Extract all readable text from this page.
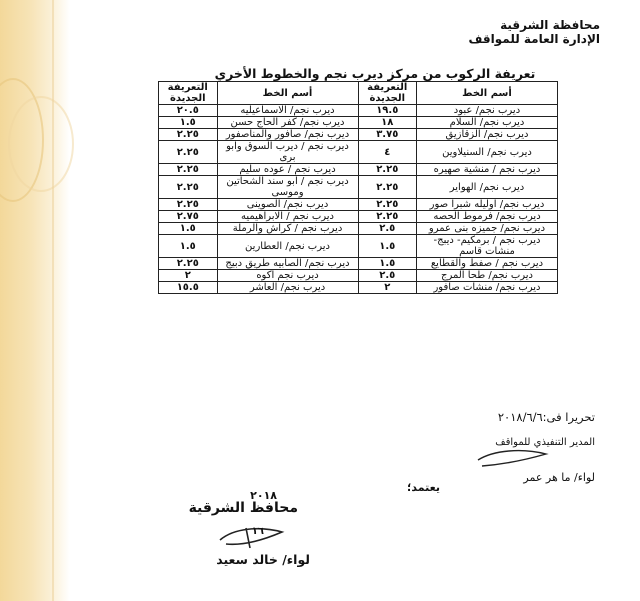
محافظة الشرقية
الإدارة العامة للمواقف
تعريفة الركوب من مركز ديرب نجم والخطوط الأخري
أسم الخط	التعريفة الجديدة	أسم الخط	التعريفة الجديدة
ديرب نجم/ عبود	١٩.٥	ديرب نجم/ الاسماعيليه	٢٠.٥
ديرب نجم/ السلام	١٨	ديرب نجم/ كفر الحاج حسن	١.٥
ديرب نجم/ الزقازيق	٣.٧٥	ديرب نجم/ صافور والمناصفور	٢.٢٥
ديرب نجم/ السنيلاوين	٤	ديرب نجم / ديرب السوق وابو برى	٢.٢٥
ديرب نجم / منشية صهيره	٢.٢٥	ديرب نجم / عوده سليم	٢.٢٥
ديرب نجم/ الهواير	٢.٢٥	ديرب نجم / ابو سند الشحاتين وموسى	٢.٢٥
ديرب نجم/ اوليله شبرا صور	٢.٢٥	ديرب نجم/ الصوينى	٢.٢٥
ديرب نجم/ فرموط الحصه	٢.٢٥	ديرب نجم / الابراهيميه	٢.٧٥
ديرب نجم/ جميزه بنى عمرو	٢.٥	ديرب نجم / كراش والرملة	١.٥
ديرب نجم / برمكيم- ديبج- منشات قاسم	١.٥	ديرب نجم/ العطارين	١.٥
ديرب نجم / صفط والقطايع	١.٥	ديرب نجم/ الصابيه طريق دبيج	٢.٢٥
ديرب نجم/ طحا المرج	٢.٥	ديرب نجم اكوه	٢
ديرب نجم/ منشات صافور	٢	ديرب نجم/ العاشر	١٥.٥
تحريرا فى:٢٠١٨/٦/٦
المدير التنفيذي للمواقف
لواء/ ما هر عمر
يعتمد؛
٢٠١٨
محافظ الشرقية
١٦
لواء/ خالد سعيد
